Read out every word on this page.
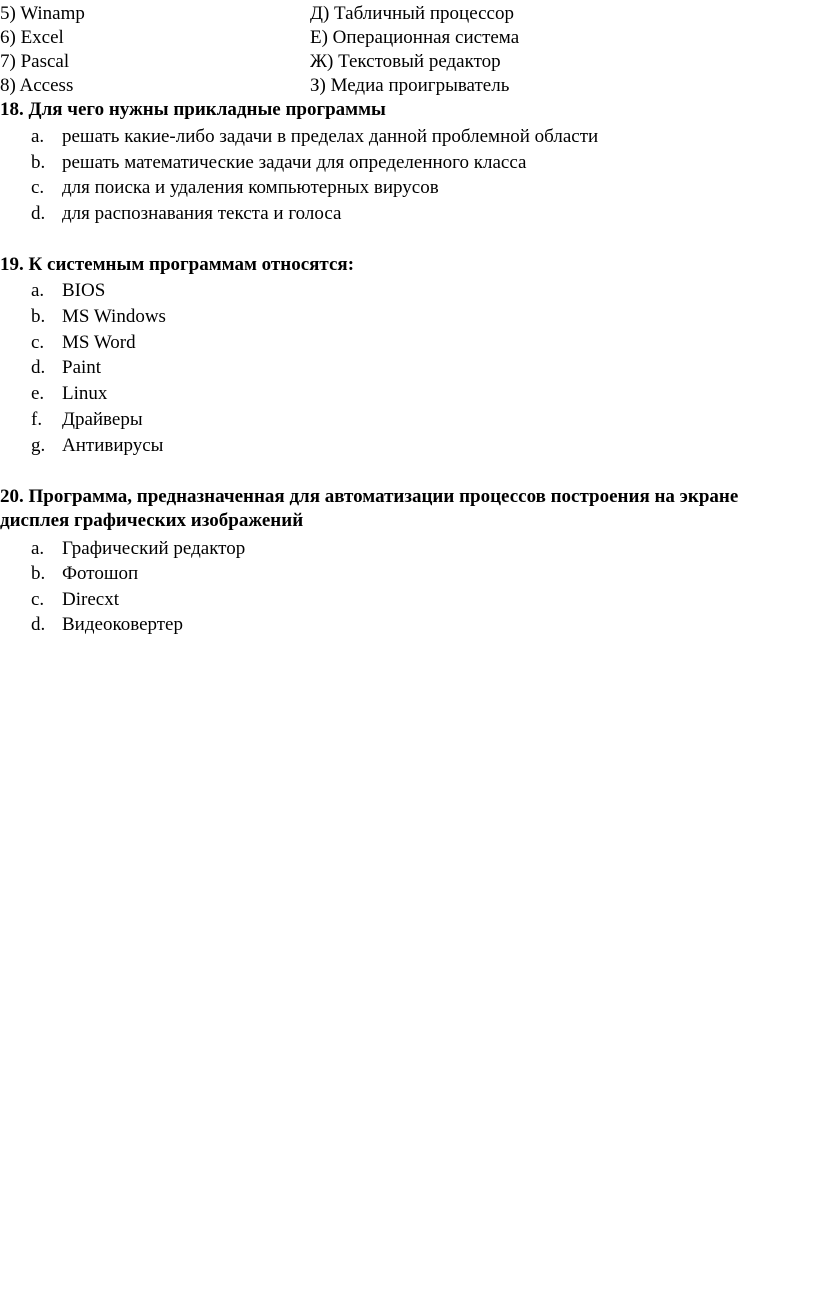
5) Winamp	Д) Табличный процессор
6) Excel	Е) Операционная система
7) Pascal	Ж) Текстовый редактор
8) Access	З) Медиа проигрыватель
18. Для чего нужны прикладные программы
a. решать какие-либо задачи в пределах данной проблемной области
b. решать математические задачи для определенного класса
c. для поиска и удаления компьютерных вирусов
d. для распознавания текста и голоса
19. К системным программам относятся:
a. BIOS
b. MS Windows
c. MS Word
d. Paint
e. Linux
f. Драйверы
g. Антивирусы
20. Программа, предназначенная для автоматизации процессов построения на экране дисплея графических изображений
a. Графический редактор
b. Фотошоп
c. Direcxt
d. Видеоковертер
